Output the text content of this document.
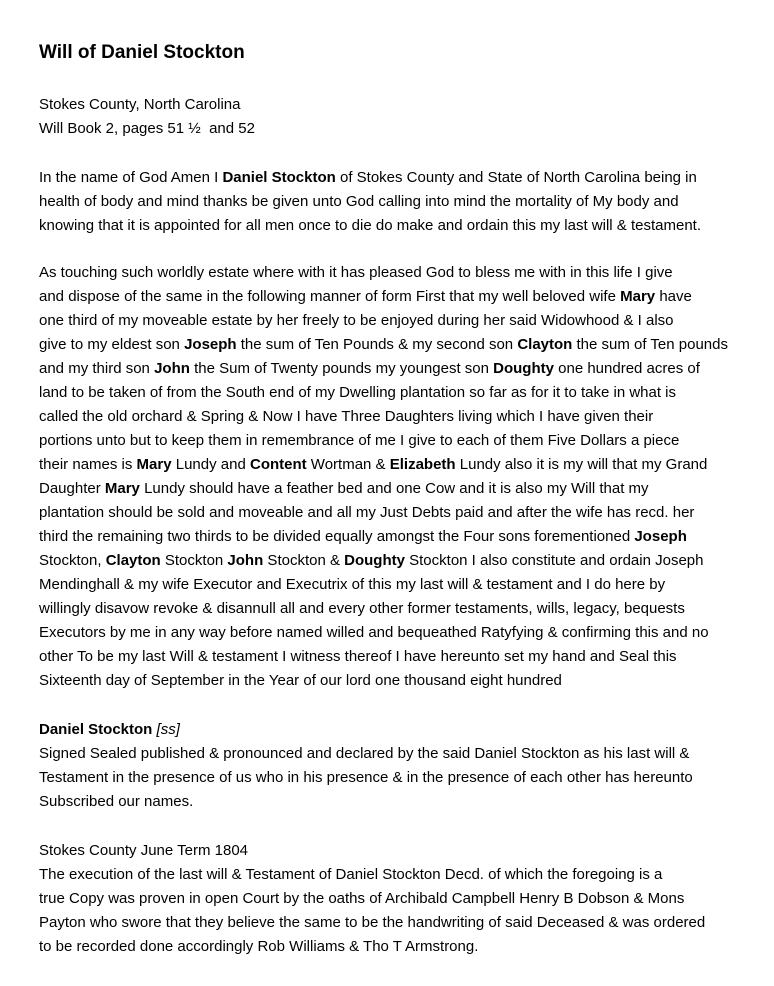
Will of Daniel Stockton
Stokes County, North Carolina
Will Book 2, pages 51 ½  and 52
In the name of God Amen I Daniel Stockton of Stokes County and State of North Carolina being in
health of body and mind thanks be given unto God calling into mind the mortality of My body and
knowing that it is appointed for all men once to die do make and ordain this my last will & testament.
As touching such worldly estate where with it has pleased God to bless me with in this life I give
and dispose of the same in the following manner of form First that my well beloved wife Mary have
one third of my moveable estate by her freely to be enjoyed during her said Widowhood & I also
give to my eldest son Joseph the sum of Ten Pounds & my second son Clayton the sum of Ten pounds
and my third son John the Sum of Twenty pounds my youngest son Doughty one hundred acres of
land to be taken of from the South end of my Dwelling plantation so far as for it to take in what is
called the old orchard & Spring & Now I have Three Daughters living which I have given their
portions unto but to keep them in remembrance of me I give to each of them Five Dollars a piece
their names is Mary Lundy and Content Wortman & Elizabeth Lundy also it is my will that my Grand
Daughter Mary Lundy should have a feather bed and one Cow and it is also my Will that my
plantation should be sold and moveable and all my Just Debts paid and after the wife has recd. her
third the remaining two thirds to be divided equally amongst the Four sons forementioned Joseph
Stockton, Clayton Stockton John Stockton & Doughty Stockton I also constitute and ordain Joseph
Mendinghall & my wife Executor and Executrix of this my last will & testament and I do here by
willingly disavow revoke & disannull all and every other former testaments, wills, legacy, bequests
Executors by me in any way before named willed and bequeathed Ratyfying & confirming this and no
other To be my last Will & testament I witness thereof I have hereunto set my hand and Seal this
Sixteenth day of September in the Year of our lord one thousand eight hundred
Daniel Stockton [ss]
Signed Sealed published & pronounced and declared by the said Daniel Stockton as his last will &
Testament in the presence of us who in his presence & in the presence of each other has hereunto
Subscribed our names.
Stokes County June Term 1804
The execution of the last will & Testament of Daniel Stockton Decd. of which the foregoing is a
true Copy was proven in open Court by the oaths of Archibald Campbell Henry B Dobson & Mons
Payton who swore that they believe the same to be the handwriting of said Deceased & was ordered
to be recorded done accordingly Rob Williams & Tho T Armstrong.
